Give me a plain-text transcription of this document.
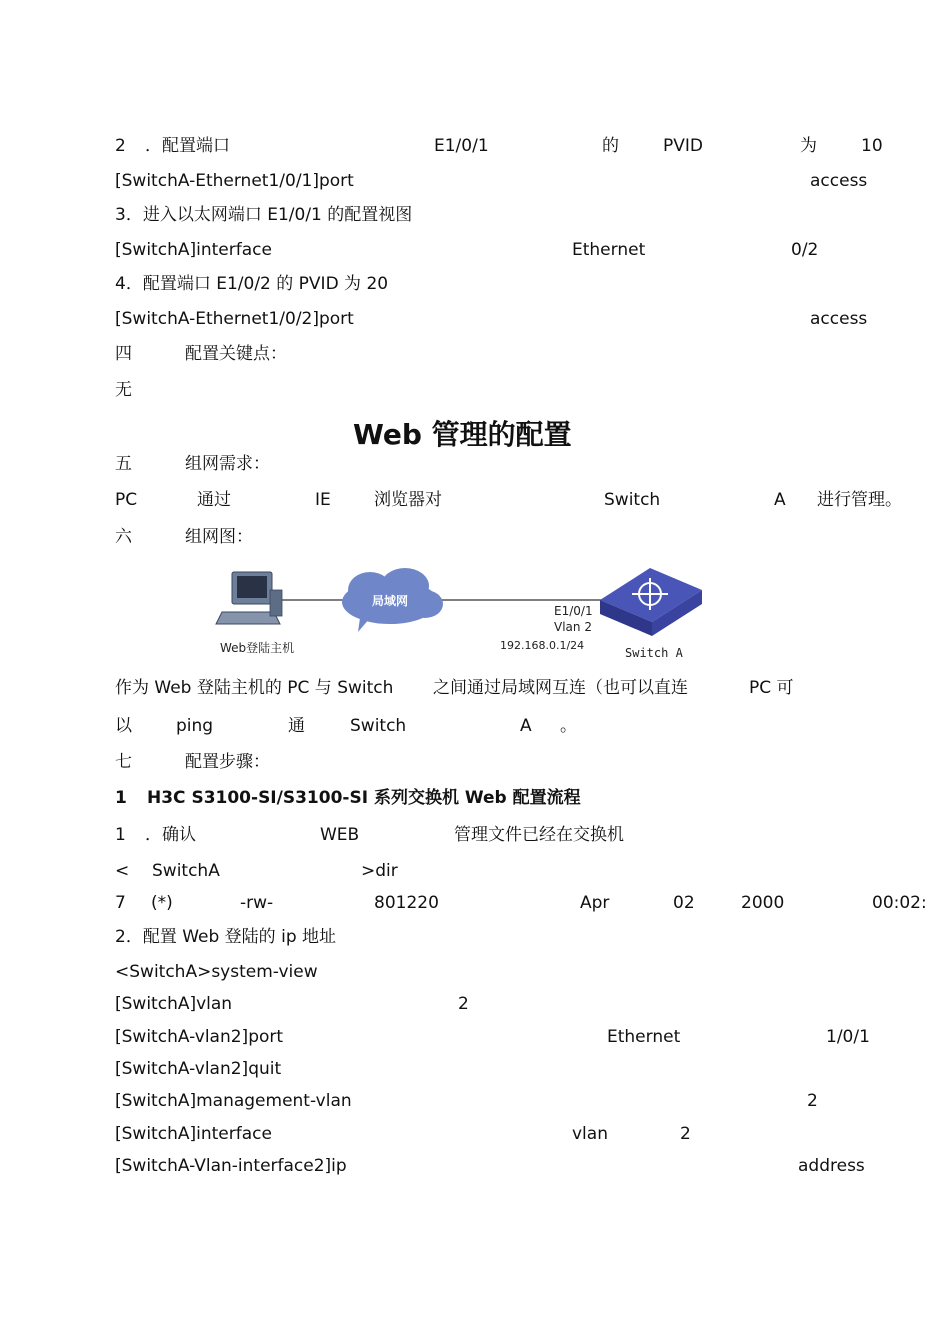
2 ．配置端口	E1/0/1	的	PVID	为	10
[SwitchA-Ethernet1/0/1]port	access
3．进入以太网端口 E1/0/1 的配置视图
[SwitchA]interface	Ethernet	0/2
4．配置端口 E1/0/2 的 PVID 为 20
[SwitchA-Ethernet1/0/2]port	access
四	配置关键点：
无
Web 管理的配置
五	组网需求：
PC	通过	IE	浏览器对	Switch	A 进行管理。
六	组网图：
Web登陆主机
局域网
E1/0/1
Vlan 2
192.168.0.1/24
Switch A
作为 Web 登陆主机的 PC 与 Switch 之间通过局域网互连（也可以直连	PC 可
以	ping	通	Switch	A 。
七	配置步骤：
1 H3C S3100-SI/S3100-SI 系列交换机 Web 配置流程
1 ．确认	WEB	管理文件已经在交换机
< SwitchA	>dir
7 (*)	-rw-	801220	Apr	02	2000	00:02:
2．配置 Web 登陆的 ip 地址
<SwitchA>system-view
[SwitchA]vlan	2
[SwitchA-vlan2]port	Ethernet	1/0/1
[SwitchA-vlan2]quit
[SwitchA]management-vlan	2
[SwitchA]interface	vlan	2
[SwitchA-Vlan-interface2]ip	address
